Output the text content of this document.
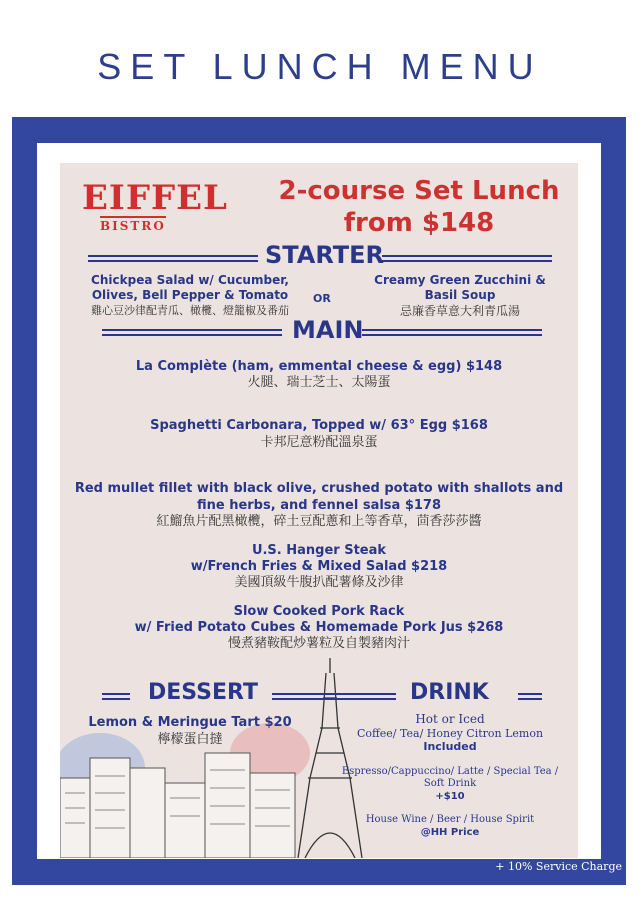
SET LUNCH MENU
EIFFEL
BISTRO
2-course Set Lunch
from $148
STARTER
Chickpea Salad w/ Cucumber,
Olives, Bell Pepper & Tomato
雞心豆沙律配青瓜、橄欖、燈籠椒及番茄
OR
Creamy Green Zucchini &
Basil Soup
忌廉香草意大利青瓜湯
MAIN
La Complète (ham, emmental cheese & egg) $148
火腿、瑞士芝士、太陽蛋
Spaghetti Carbonara, Topped w/ 63° Egg $168
卡邦尼意粉配溫泉蛋
Red mullet fillet with black olive, crushed potato with shallots and
fine herbs, and fennel salsa $178
紅鰡魚片配黑橄欖，碎土豆配蔥和上等香草，茴香莎莎醬
U.S. Hanger Steak
w/French Fries & Mixed Salad $218
美國頂級牛腹扒配薯條及沙律
Slow Cooked Pork Rack
w/ Fried Potato Cubes & Homemade Pork Jus $268
慢煮豬鞍配炒薯粒及自製豬肉汁
DESSERT
Lemon & Meringue Tart $20
檸檬蛋白撻
DRINK
Hot or Iced
Coffee/ Tea/ Honey Citron Lemon
Included
Espresso/Cappuccino/ Latte / Special Tea /
Soft Drink
+$10
House Wine / Beer / House Spirit
@HH Price
+ 10% Service Charge
